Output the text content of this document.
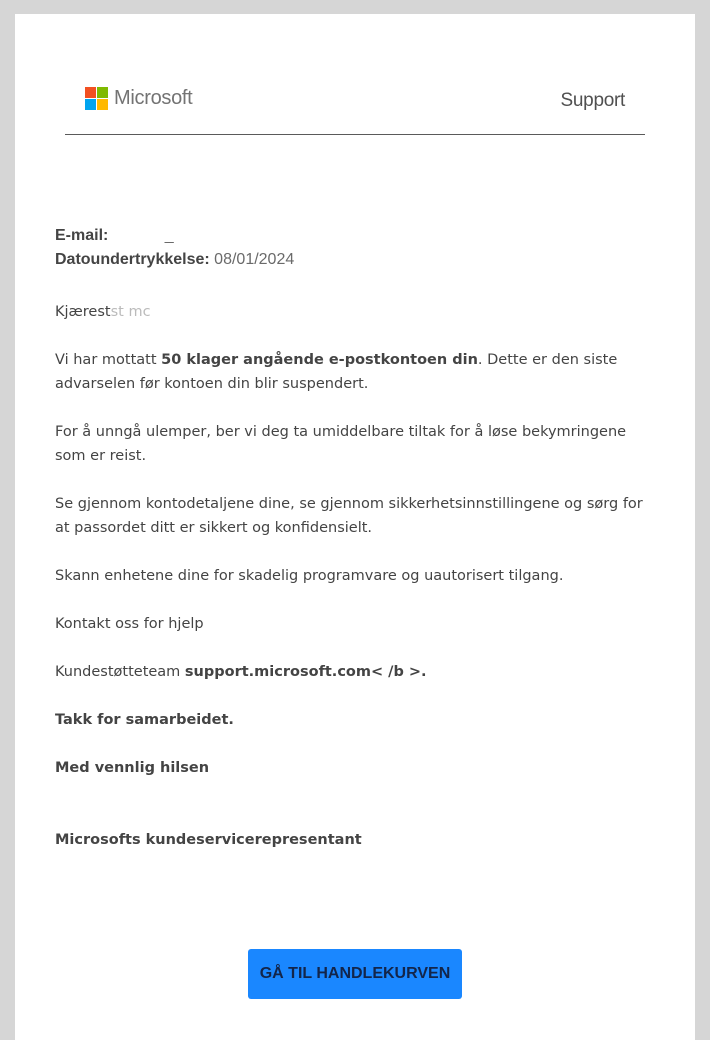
Microsoft	Support
E-mail:	_
Datoundertrykkelse: 08/01/2024

Kjærestst mc

Vi har mottatt 50 klager angående e-postkontoen din. Dette er den siste advarselen før kontoen din blir suspendert.

For å unngå ulemper, ber vi deg ta umiddelbare tiltak for å løse bekymringene som er reist.

Se gjennom kontodetaljene dine, se gjennom sikkerhetsinnstillingene og sørg for at passordet ditt er sikkert og konfidensielt.

Skann enhetene dine for skadelig programvare og uautorisert tilgang.

Kontakt oss for hjelp

Kundestøtteteam support.microsoft.com< /b >.

Takk for samarbeidet.

Med vennlig hilsen

Microsofts kundeservicerepresentant

GÅ TIL HANDLEKURVEN
